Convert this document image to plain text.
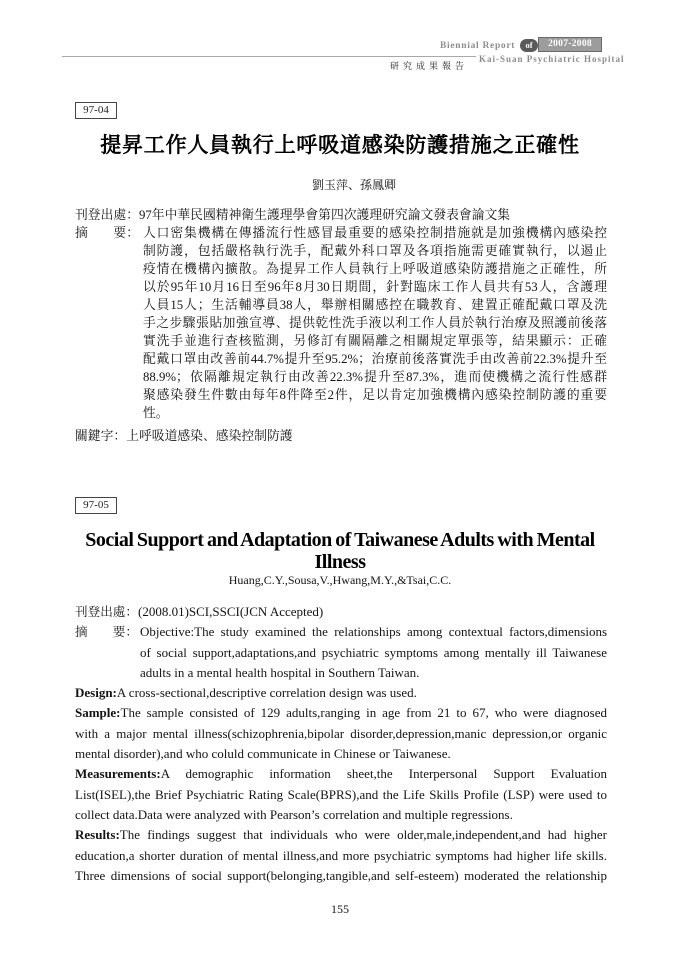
Biennial Report	of	2007-2008
Kai-Suan Psychiatric Hospital
研究成果報告
97-04
提昇工作人員執行上呼吸道感染防護措施之正確性
劉玉萍、孫鳳卿
刊登出處：97年中華民國精神衛生護理學會第四次護理研究論文發表會論文集
摘　　要： 人口密集機構在傳播流行性感冒最重要的感染控制措施就是加強機構內感染控
制防護，包括嚴格執行洗手，配戴外科口罩及各項指施需更確實執行，以遏止
疫情在機構內擴散。為提昇工作人員執行上呼吸道感染防護措施之正確性，所
以於95年10月16日至96年8月30日期間，針對臨床工作人員共有53人，含護理
人員15人；生活輔導員38人，舉辦相關感控在職教育、建置正確配戴口罩及洗
手之步驟張貼加強宣導、提供乾性洗手液以利工作人員於執行治療及照護前後落
實洗手並進行查核監測，另修訂有關隔離之相關規定單張等，結果顯示：正確
配戴口罩由改善前44.7%提升至95.2%；治療前後落實洗手由改善前22.3%提升至
88.9%；依隔離規定執行由改善22.3%提升至87.3%，進而使機構之流行性感群
聚感染發生件數由每年8件降至2件，足以肯定加強機構內感染控制防護的重要
性。
關鍵字：上呼吸道感染、感染控制防護
97-05
Social Support and Adaptation of Taiwanese Adults with Mental
Illness
Huang,C.Y.,Sousa,V.,Hwang,M.Y.,&Tsai,C.C.
刊登出處：(2008.01)SCI,SSCI(JCN Accepted)
摘　　要： Objective:The study examined the relationships among contextual factors,dimensions
of social support,adaptations,and psychiatric symptoms among mentally ill Taiwanese
adults in a mental health hospital in Southern Taiwan.
Design:A cross-sectional,descriptive correlation design was used.
Sample:The sample consisted of 129 adults,ranging in age from 21 to 67, who were diagnosed
with a major mental illness(schizophrenia,bipolar disorder,depression,manic depression,or organic
mental disorder),and who coluld communicate in Chinese or Taiwanese.
Measurements:A demographic information sheet,the Interpersonal Support Evaluation
List(ISEL),the Brief Psychiatric Rating Scale(BPRS),and the Life Skills Profile (LSP) were used to
collect data.Data were analyzed with Pearson’s correlation and multiple regressions.
Results:The findings suggest that individuals who were older,male,independent,and had higher
education,a shorter duration of mental illness,and more psychiatric symptoms had higher life skills.
Three dimensions of social support(belonging,tangible,and self-esteem) moderated the relationship
155
